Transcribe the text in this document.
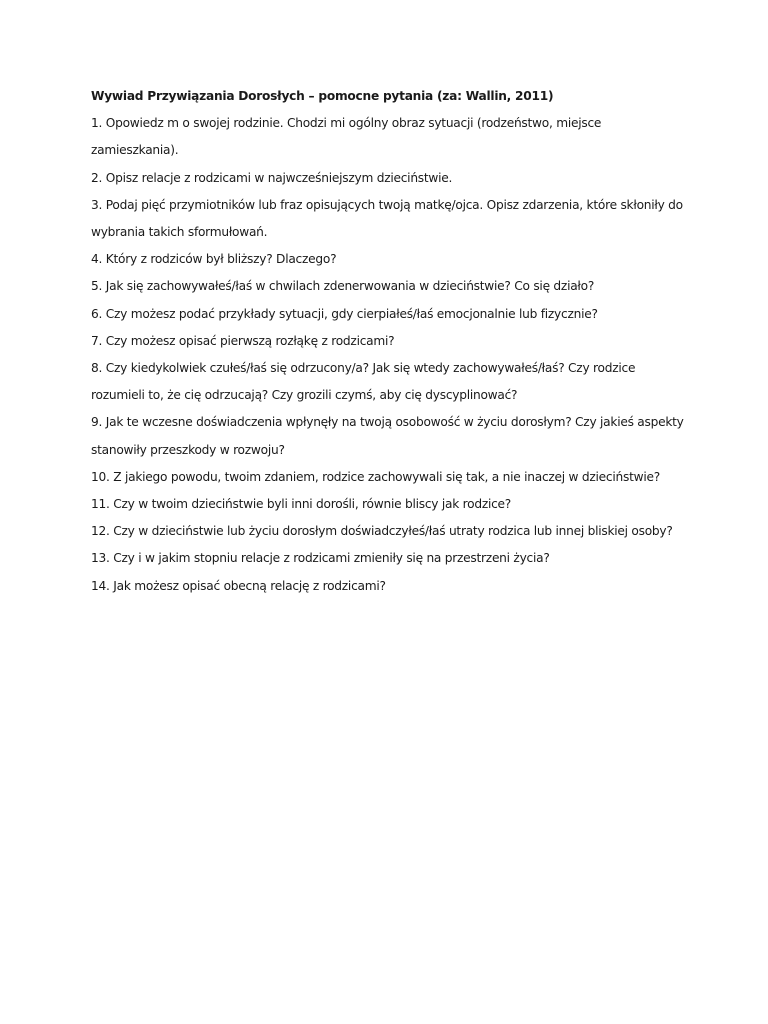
Wywiad Przywiązania Dorosłych – pomocne pytania (za: Wallin, 2011)

1. Opowiedz m o swojej rodzinie. Chodzi mi ogólny obraz sytuacji (rodzeństwo, miejsce zamieszkania).
2. Opisz relacje z rodzicami w najwcześniejszym dzieciństwie.
3. Podaj pięć przymiotników lub fraz opisujących twoją matkę/ojca. Opisz zdarzenia, które skłoniły do wybrania takich sformułowań.
4. Który z rodziców był bliższy? Dlaczego?
5. Jak się zachowywałeś/łaś w chwilach zdenerwowania w dzieciństwie? Co się działo?
6. Czy możesz podać przykłady sytuacji, gdy cierpiałeś/łaś emocjonalnie lub fizycznie?
7. Czy możesz opisać pierwszą rozłąkę z rodzicami?
8. Czy kiedykolwiek czułeś/łaś się odrzucony/a? Jak się wtedy zachowywałeś/łaś? Czy rodzice rozumieli to, że cię odrzucają? Czy grozili czymś, aby cię dyscyplinować?
9. Jak te wczesne doświadczenia wpłynęły na twoją osobowość w życiu dorosłym? Czy jakieś aspekty stanowiły przeszkody w rozwoju?
10. Z jakiego powodu, twoim zdaniem, rodzice zachowywali się tak, a nie inaczej w dzieciństwie?
11. Czy w twoim dzieciństwie byli inni dorośli, równie bliscy jak rodzice?
12. Czy w dzieciństwie lub życiu dorosłym doświadczyłeś/łaś utraty rodzica lub innej bliskiej osoby?
13. Czy i w jakim stopniu relacje z rodzicami zmieniły się na przestrzeni życia?
14. Jak możesz opisać obecną relację z rodzicami?
